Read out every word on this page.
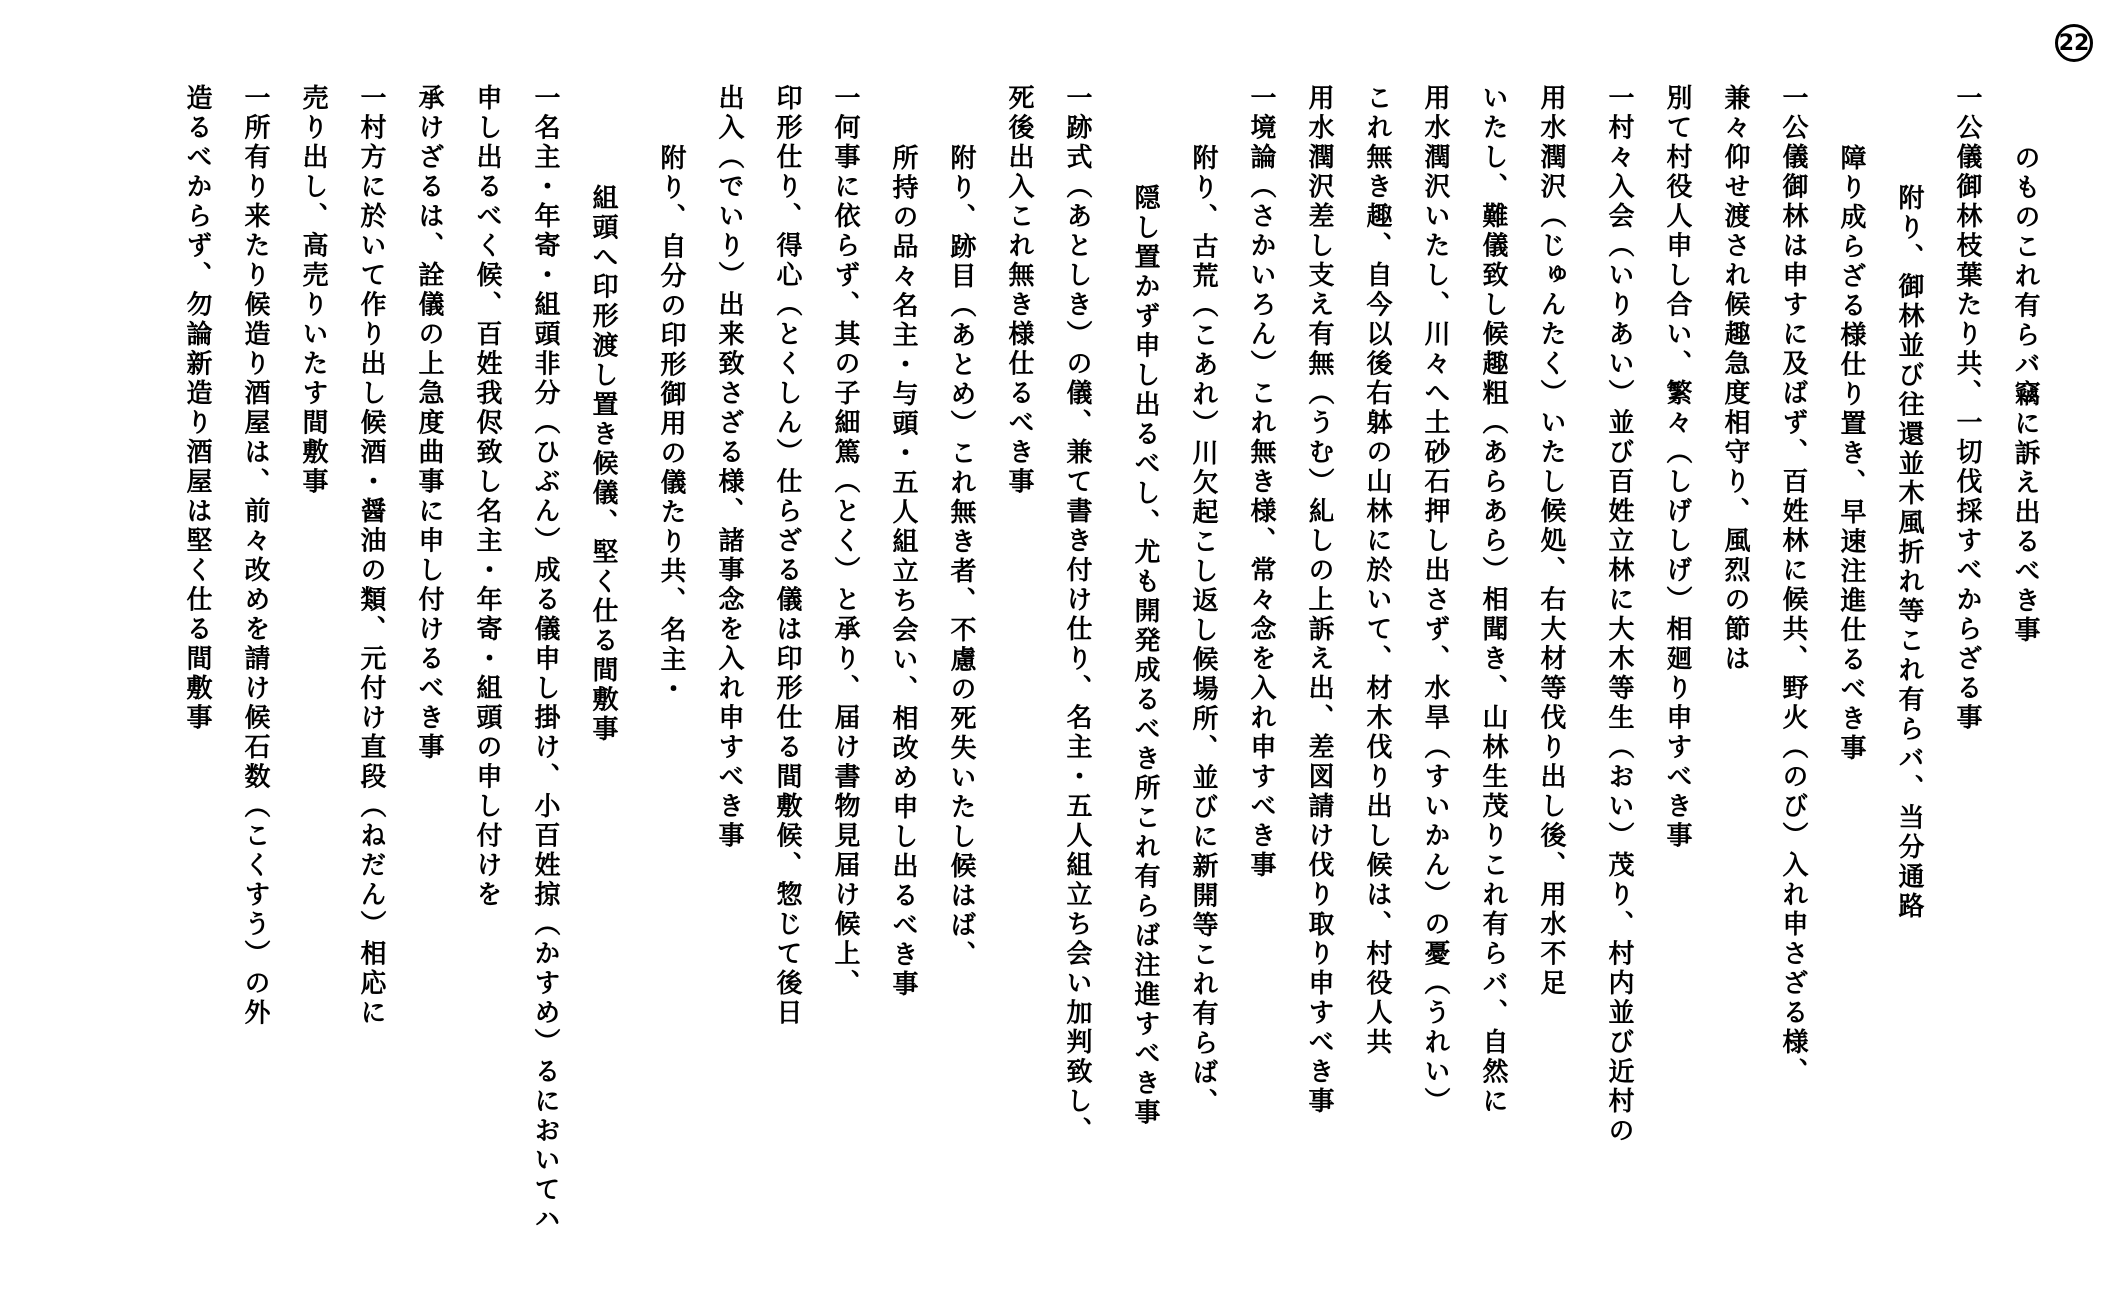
22
のものこれ有らバ竊に訴え出るべき事
一公儀御林枝葉たり共、一切伐採すべからざる事
附り、御林並び往還並木風折れ等これ有らバ、当分通路
障り成らざる様仕り置き、早速注進仕るべき事
一公儀御林は申すに及ばず、百姓林に候共、野火（のび）入れ申さざる様、
兼々仰せ渡され候趣急度相守り、風烈の節は
別て村役人申し合い、繁々（しげしげ）相廻り申すべき事
一村々入会（いりあい）並び百姓立林に大木等生（おい）茂り、村内並び近村の
用水潤沢（じゅんたく）いたし候処、右大材等伐り出し後、用水不足
いたし、難儀致し候趣粗（あらあら）相聞き、山林生茂りこれ有らバ、自然に
用水潤沢いたし、川々へ土砂石押し出さず、水旱（すいかん）の憂（うれい）
これ無き趣、自今以後右躰の山林に於いて、材木伐り出し候は、村役人共
用水潤沢差し支え有無（うむ）糺しの上訴え出、差図請け伐り取り申すべき事
一境論（さかいろん）これ無き様、常々念を入れ申すべき事
附り、古荒（こあれ）川欠起こし返し候場所、並びに新開等これ有らば、
隠し置かず申し出るべし、尤も開発成るべき所これ有らば注進すべき事
一跡式（あとしき）の儀、兼て書き付け仕り、名主・五人組立ち会い加判致し、
死後出入これ無き様仕るべき事
附り、跡目（あとめ）これ無き者、不慮の死失いたし候はば、
所持の品々名主・与頭・五人組立ち会い、相改め申し出るべき事
一何事に依らず、其の子細篤（とく）と承り、届け書物見届け候上、
印形仕り、得心（とくしん）仕らざる儀は印形仕る間敷候、惣じて後日
出入（でいり）出来致さざる様、諸事念を入れ申すべき事
附り、自分の印形御用の儀たり共、名主・
組頭へ印形渡し置き候儀、堅く仕る間敷事
一名主・年寄・組頭非分（ひぶん）成る儀申し掛け、小百姓掠（かすめ）るにおいてハ
申し出るべく候、百姓我侭致し名主・年寄・組頭の申し付けを
承けざるは、詮儀の上急度曲事に申し付けるべき事
一村方に於いて作り出し候酒・醤油の類、元付け直段（ねだん）相応に
売り出し、高売りいたす間敷事
一所有り来たり候造り酒屋は、前々改めを請け候石数（こくすう）の外
造るべからず、勿論新造り酒屋は堅く仕る間敷事
